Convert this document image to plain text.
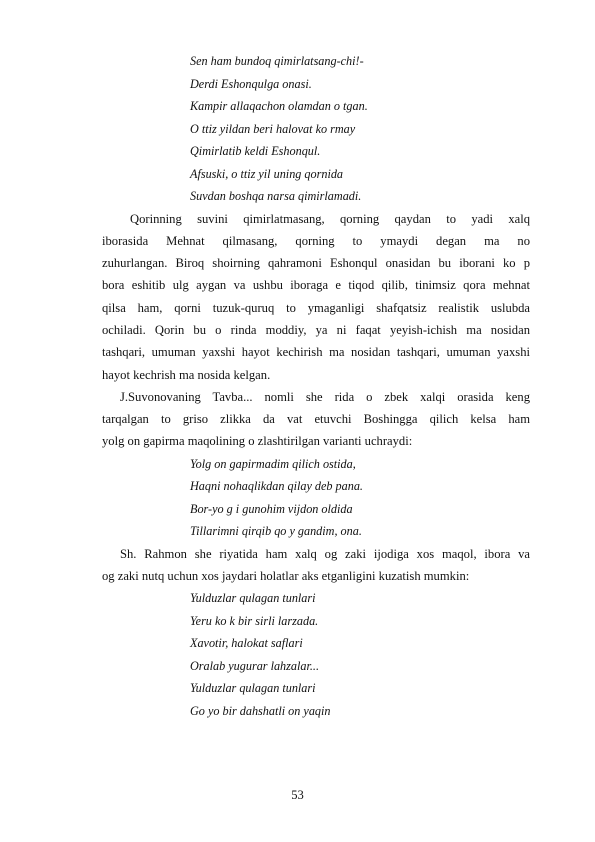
Sen ham bundoq qimirlatsang-chi!-
Derdi Eshonqulga onasi.
Kampir allaqachon olamdan o tgan.
O ttiz yildan beri halovat ko rmay
Qimirlatib keldi Eshonqul.
Afsuski, o ttiz yil uning qornida
Suvdan boshqa narsa qimirlamadi.
Qorinning suvini qimirlatmasang, qorning qaydan to yadi xalq
iborasida Mehnat qilmasang, qorning to ymaydi degan ma no
zuhurlangan. Biroq shoirning qahramoni Eshonqul onasidan bu iborani ko p
bora eshitib ulg aygan va ushbu iboraga e tiqod qilib, tinimsiz qora mehnat
qilsa ham, qorni tuzuk-quruq to ymaganligi shafqatsiz realistik uslubda
ochiladi. Qorin bu o rinda moddiy, ya ni faqat yeyish-ichish ma nosidan
tashqari, umuman yaxshi hayot kechirish ma nosidan tashqari, umuman yaxshi
hayot kechrish ma nosida kelgan.
J.Suvonovaning Tavba... nomli she rida o zbek xalqi orasida keng
tarqalgan to griso zlikka da vat etuvchi Boshingga qilich kelsa ham
yolg on gapirma maqolining o zlashtirilgan varianti uchraydi:
Yolg on gapirmadim qilich ostida,
Haqni nohaqlikdan qilay deb pana.
Bor-yo g i gunohim vijdon oldida
Tillarimni qirqib qo y gandim, ona.
Sh. Rahmon she riyatida ham xalq og zaki ijodiga xos maqol, ibora va
og zaki nutq uchun xos jaydari holatlar aks etganligini kuzatish mumkin:
Yulduzlar qulagan tunlari
Yeru ko k bir sirli larzada.
Xavotir, halokat saflari
Oralab yugurar lahzalar...
Yulduzlar qulagan tunlari
Go yo bir dahshatli on yaqin
53
